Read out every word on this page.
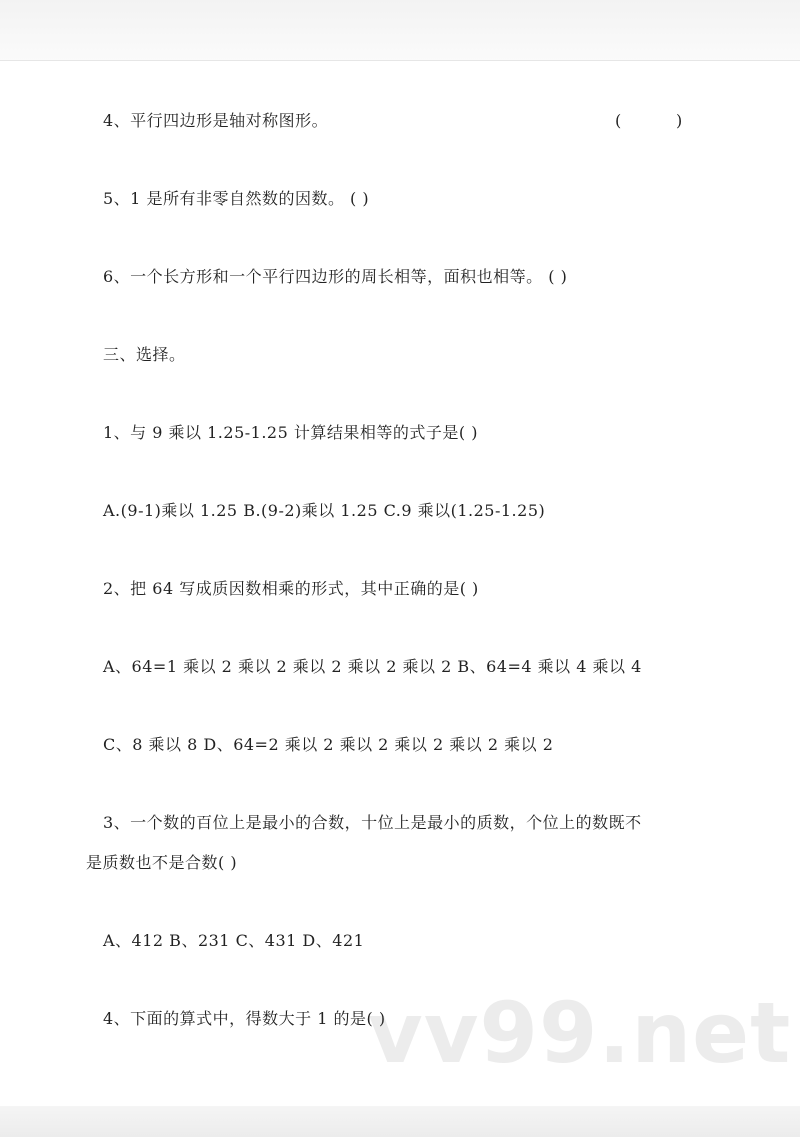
4、平行四边形是轴对称图形。	(	)
5、1 是所有非零自然数的因数。 ( )
6、一个长方形和一个平行四边形的周长相等，面积也相等。 ( )
三、选择。
1、与 9 乘以 1.25-1.25 计算结果相等的式子是( )
A.(9-1)乘以 1.25 B.(9-2)乘以 1.25 C.9 乘以(1.25-1.25)
2、把 64 写成质因数相乘的形式，其中正确的是( )
A、64=1 乘以 2 乘以 2 乘以 2 乘以 2 乘以 2 B、64=4 乘以 4 乘以 4
C、8 乘以 8 D、64=2 乘以 2 乘以 2 乘以 2 乘以 2 乘以 2
3、一个数的百位上是最小的合数，十位上是最小的质数，个位上的数既不
是质数也不是合数( )
A、412 B、231 C、431 D、421
4、下面的算式中，得数大于 1 的是( )
vv99.net
